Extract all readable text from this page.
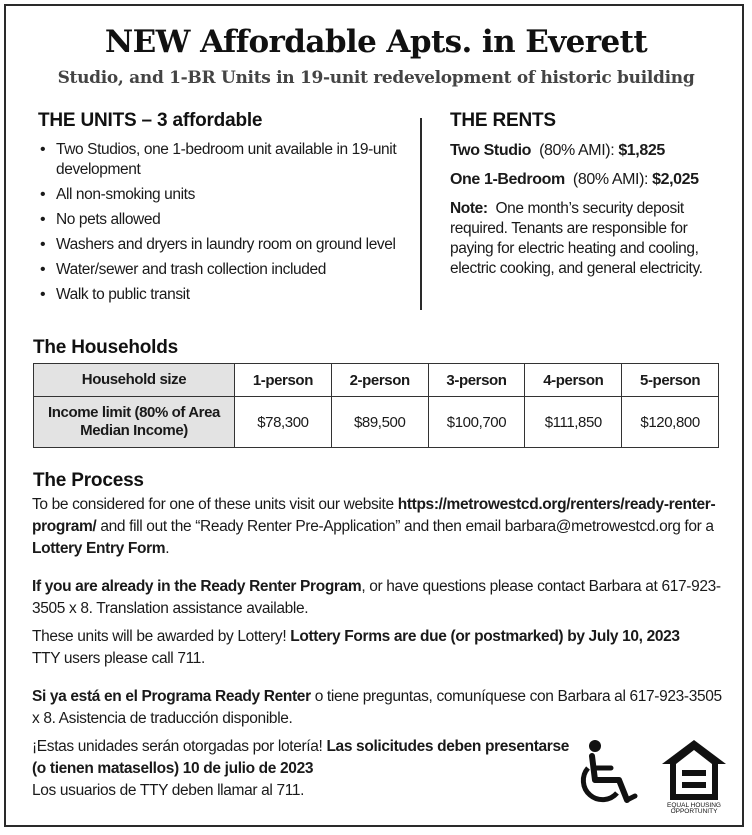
NEW Affordable Apts. in Everett
Studio, and 1-BR Units in 19-unit redevelopment of historic building
THE UNITS – 3 affordable
• Two Studios, one 1-bedroom unit available in 19-unit development
• All non-smoking units
• No pets allowed
• Washers and dryers in laundry room on ground level
• Water/sewer and trash collection included
• Walk to public transit
THE RENTS
Two Studio (80% AMI): $1,825
One 1-Bedroom (80% AMI): $2,025
Note: One month’s security deposit required. Tenants are responsible for paying for electric heating and cooling, electric cooking, and general electricity.
The Households
Household size	1-person	2-person	3-person	4-person	5-person
Income limit (80% of Area Median Income)	$78,300	$89,500	$100,700	$111,850	$120,800
The Process

To be considered for one of these units visit our website https://metrowestcd.org/renters/ready-renter-program/ and fill out the “Ready Renter Pre-Application” and then email barbara@metrowestcd.org for a Lottery Entry Form.

If you are already in the Ready Renter Program, or have questions please contact Barbara at 617-923-3505 x 8. Translation assistance available.

These units will be awarded by Lottery! Lottery Forms are due (or postmarked) by July 10, 2023

TTY users please call 711.

Si ya está en el Programa Ready Renter o tiene preguntas, comuníquese con Barbara al 617-923-3505 x 8. Asistencia de traducción disponible.

¡Estas unidades serán otorgadas por lotería! Las solicitudes deben presentarse

(o tienen matasellos) 10 de julio de 2023

Los usuarios de TTY deben llamar al 711.

EQUAL HOUSING
OPPORTUNITY
